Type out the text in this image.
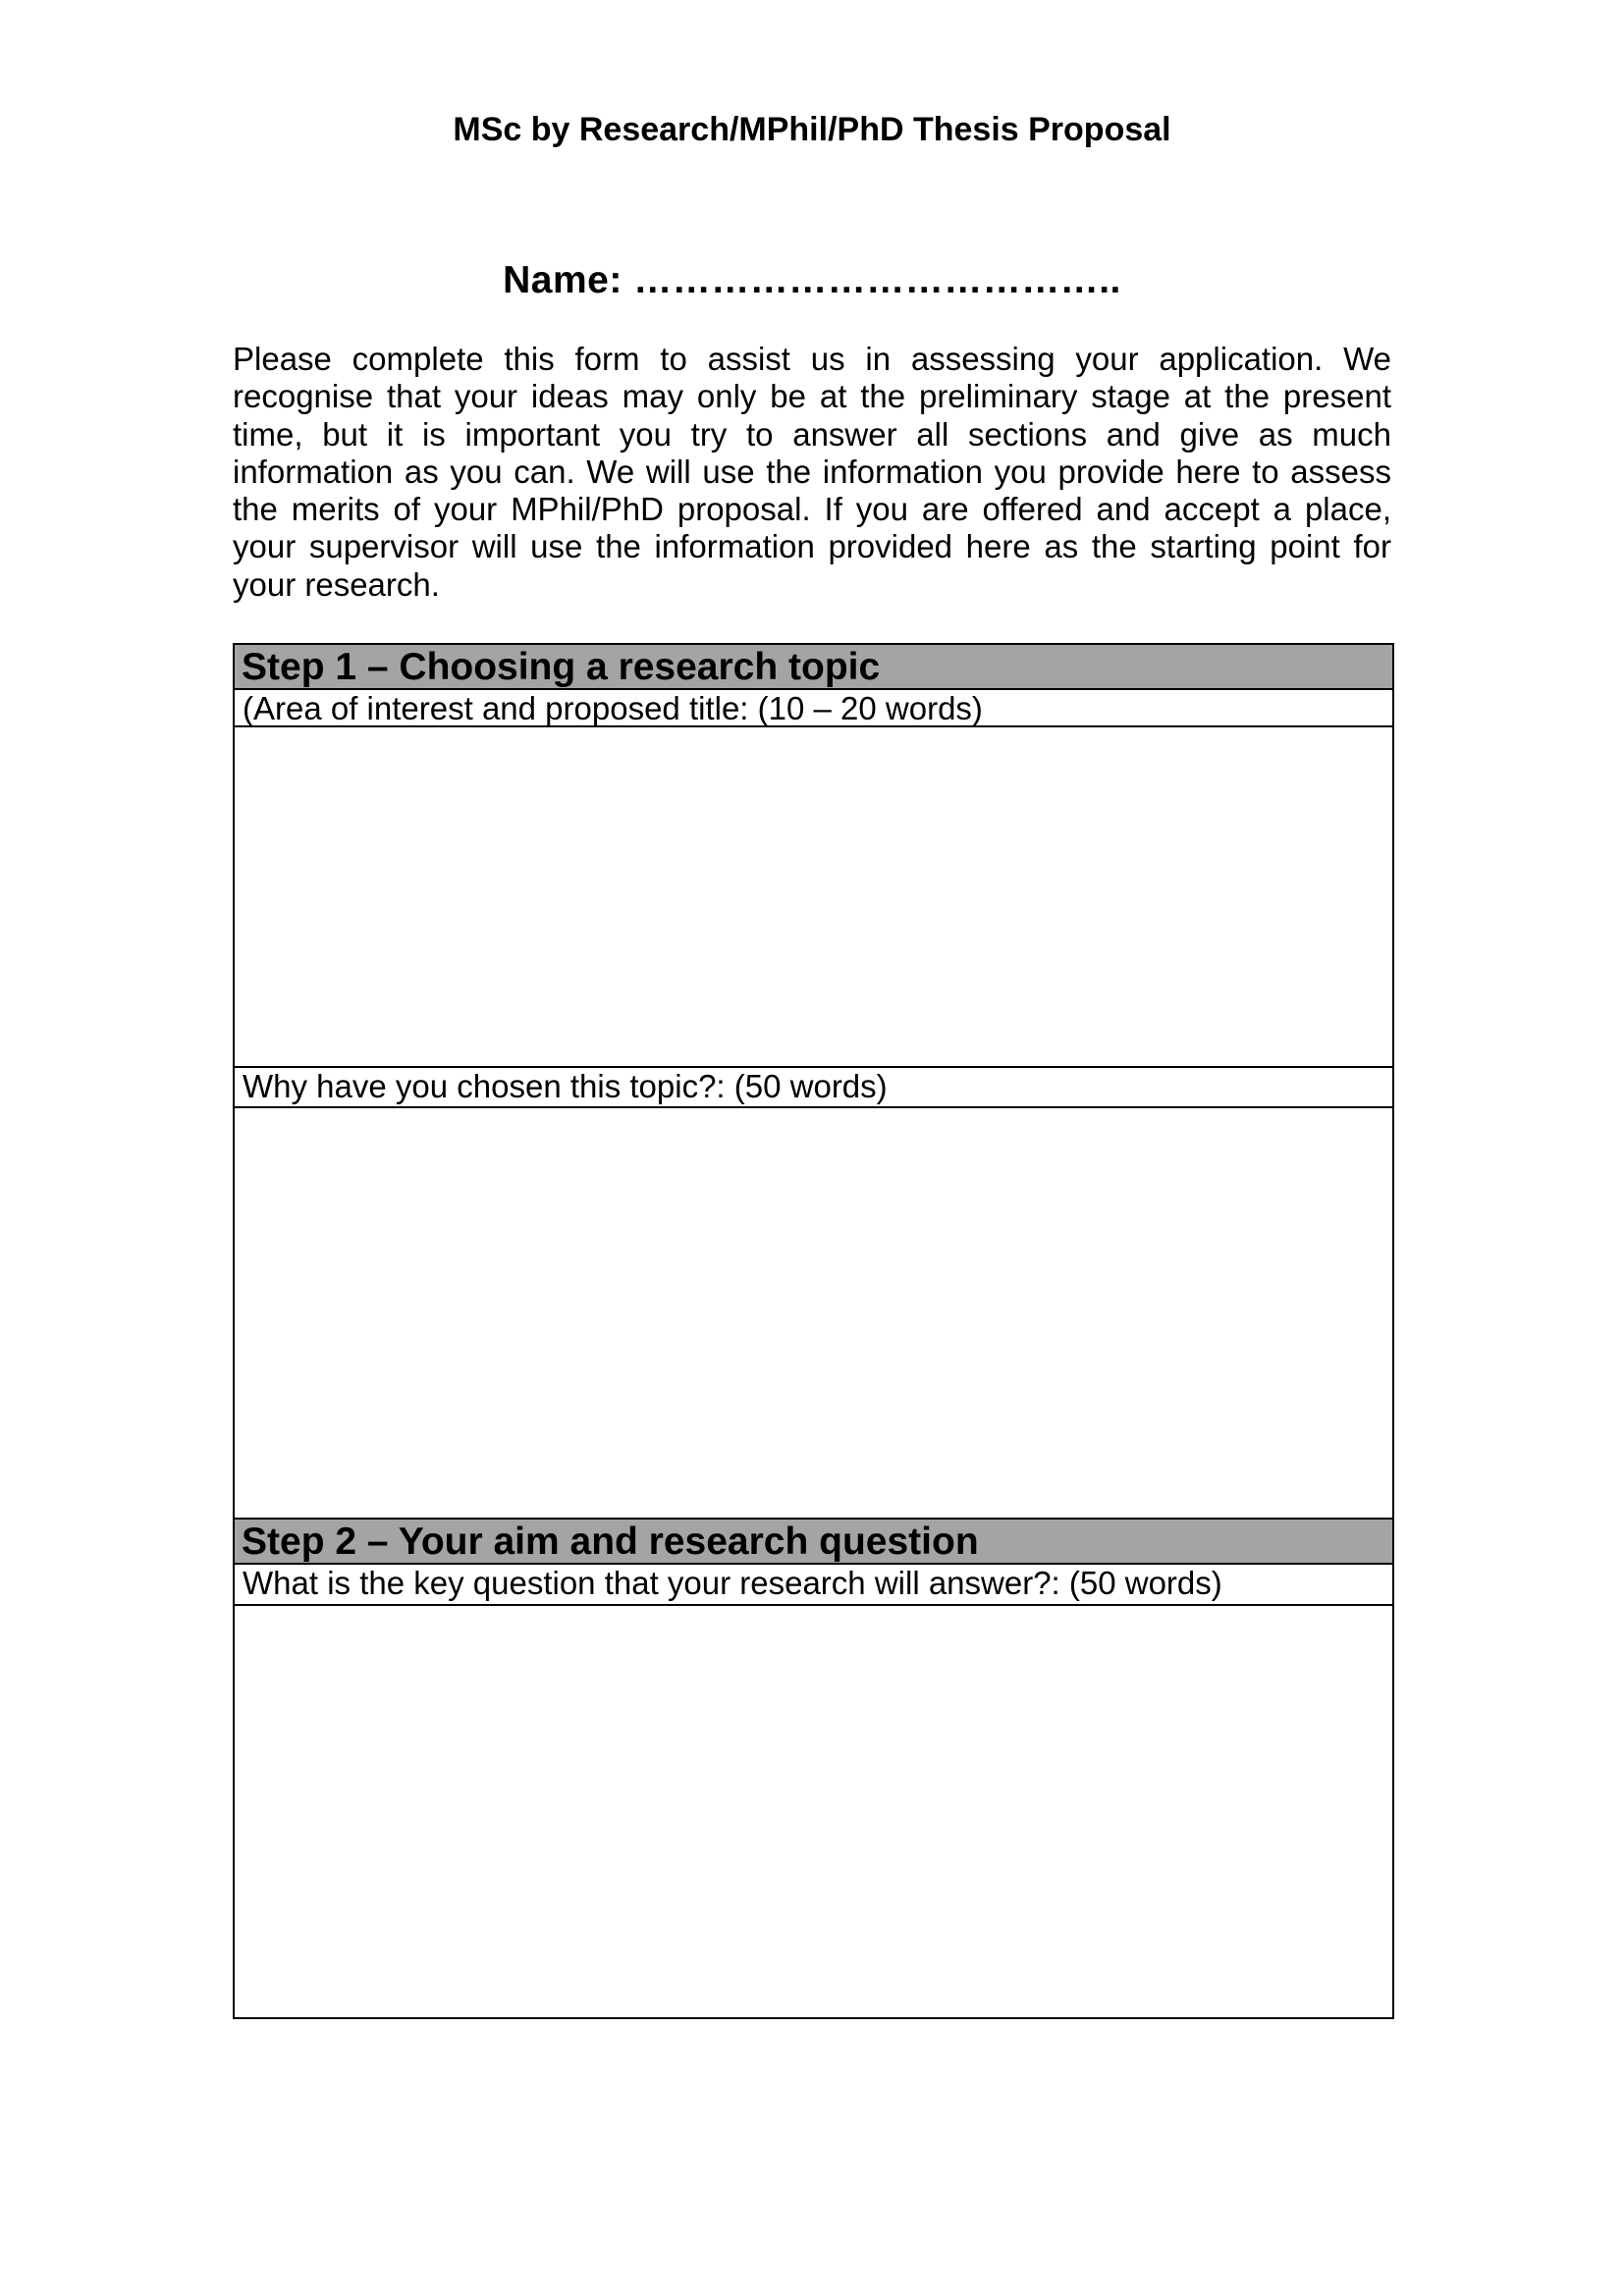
MSc by Research/MPhil/PhD Thesis Proposal
Name: ………………………………..

Please complete this form to assist us in assessing your application. We recognise that your ideas may only be at the preliminary stage at the present time, but it is important you try to answer all sections and give as much information as you can. We will use the information you provide here to assess the merits of your MPhil/PhD proposal. If you are offered and accept a place, your supervisor will use the information provided here as the starting point for your research.

Step 1 – Choosing a research topic
(Area of interest and proposed title: (10 – 20 words)
Why have you chosen this topic?: (50 words)
Step 2 – Your aim and research question
What is the key question that your research will answer?: (50 words)
